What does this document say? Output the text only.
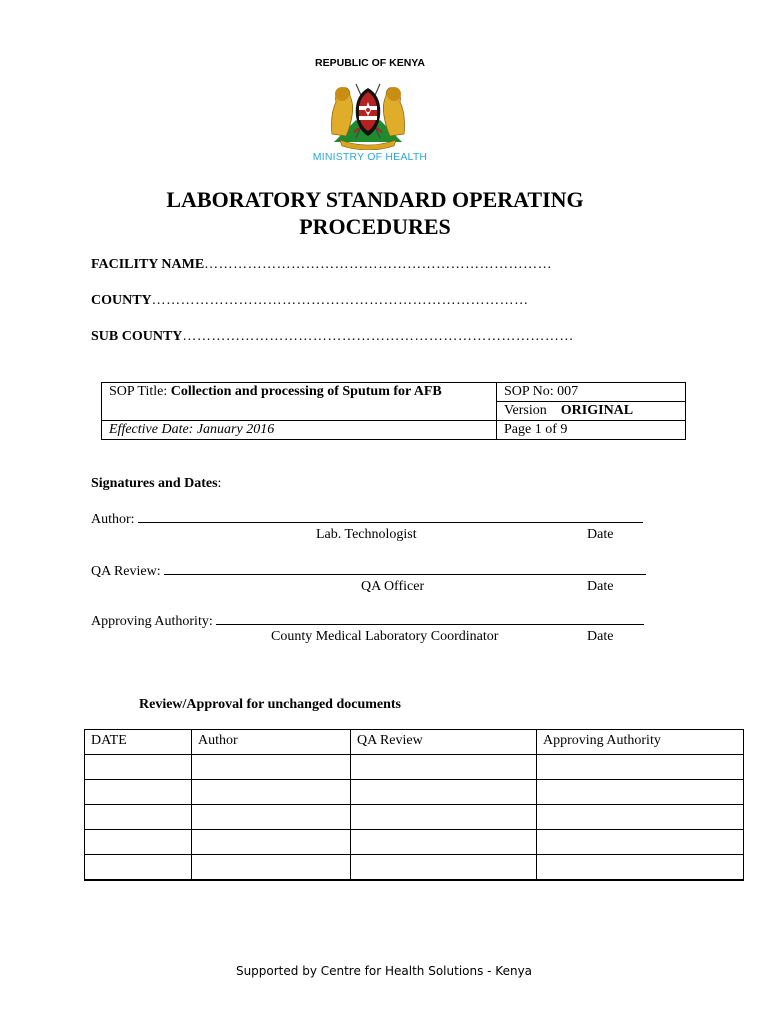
REPUBLIC OF KENYA
MINISTRY OF HEALTH
LABORATORY STANDARD OPERATING
PROCEDURES
FACILITY NAME………………………………………………………………
COUNTY……………………………………………………………………
SUB COUNTY………………………………………………………………………
SOP Title: Collection and processing of Sputum for AFB	SOP No: 007
	Version ORIGINAL
Effective Date: January 2016	Page 1 of 9
Signatures and Dates:
Author:
Lab. Technologist	Date
QA Review:
QA Officer	Date
Approving Authority:
County Medical Laboratory Coordinator	Date
Review/Approval for unchanged documents
DATE	Author	QA Review	Approving Authority

Supported by Centre for Health Solutions - Kenya
